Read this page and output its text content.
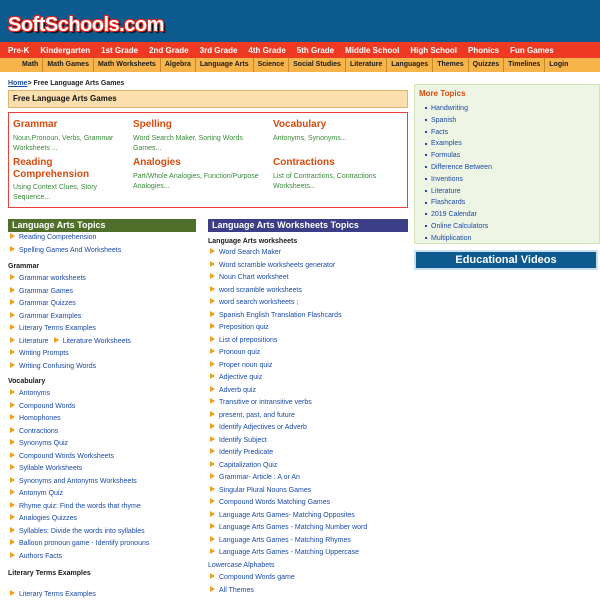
SoftSchools.com
Pre-K Kindergarten 1st Grade 2nd Grade 3rd Grade 4th Grade 5th Grade Middle School High School Phonics Fun Games
Math	Math Games	Math Worksheets	Algebra	Language Arts	Science	Social Studies	Literature	Languages	Themes	Quizzes	Timelines	Login
Home> Free Language Arts Games
Free Language Arts Games
Grammar
Noun,Pronoun, Verbs, Grammar Worksheets ...
Spelling
Word Search Maker, Sorting Words Games...
Vocabulary
Antonyms, Synonyms...
Reading Comprehension
Using Context Clues, Story Sequence...
Analogies
Part/Whole Analogies, Function/Purpose Analogies...
Contractions
List of Contractions, Contractions Worksheets...
Language Arts Topics	Language Arts Worksheets Topics
More Topics
Handwriting
Spanish
Facts
Examples
Formulas
Difference Between
Inventions
Literature
Flashcards
2019 Calendar
Online Calculators
Multiplication
Educational Videos
Reading Comprehension
Spelling Games And Worksheets
Grammar
Grammar worksheets
Grammar Games
Grammar Quizzes
Grammar Examples
Literary Terms Examples
Literature Literature Worksheets
Writing Prompts
Writing Confusing Words
Vocabulary
Antonyms
Compound Words
Homophones
Contractions
Synonyms Quiz
Compound Words Worksheets
Syllable Worksheets
Synonyms and Antonyms Worksheets
Antonym Quiz
Rhyme quiz: Find the words that rhyme
Analogies Quizzes
Syllables: Divide the words into syllables
Balloon pronoun game - Identify pronouns
Authors Facts
Literary Terms Examples
Literary Terms Examples
Language Arts worksheets
Word Search Maker
Word scramble worksheets generator
Noun Chart worksheet
word scramble worksheets
word search worksheets ;
Spanish English Translation Flashcards
Preposition quiz
List of prepositions
Pronoun quiz
Proper noun quiz
Adjective quiz
Adverb quiz
Transitive or intransitive verbs
present, past, and future
Identify Adjectives or Adverb
Identify Subject
Identify Predicate
Capitalization Quiz
Grammar- Article : A or An
Singular Plural Nouns Games
Compound Words Matching Games
Language Arts Games- Matching Opposites
Language Arts Games - Matching Number word
Language Arts Games - Matching Rhymes
Language Arts Games - Matching Uppercase
Lowercase Alphabets
Compound Words game
All Themes
